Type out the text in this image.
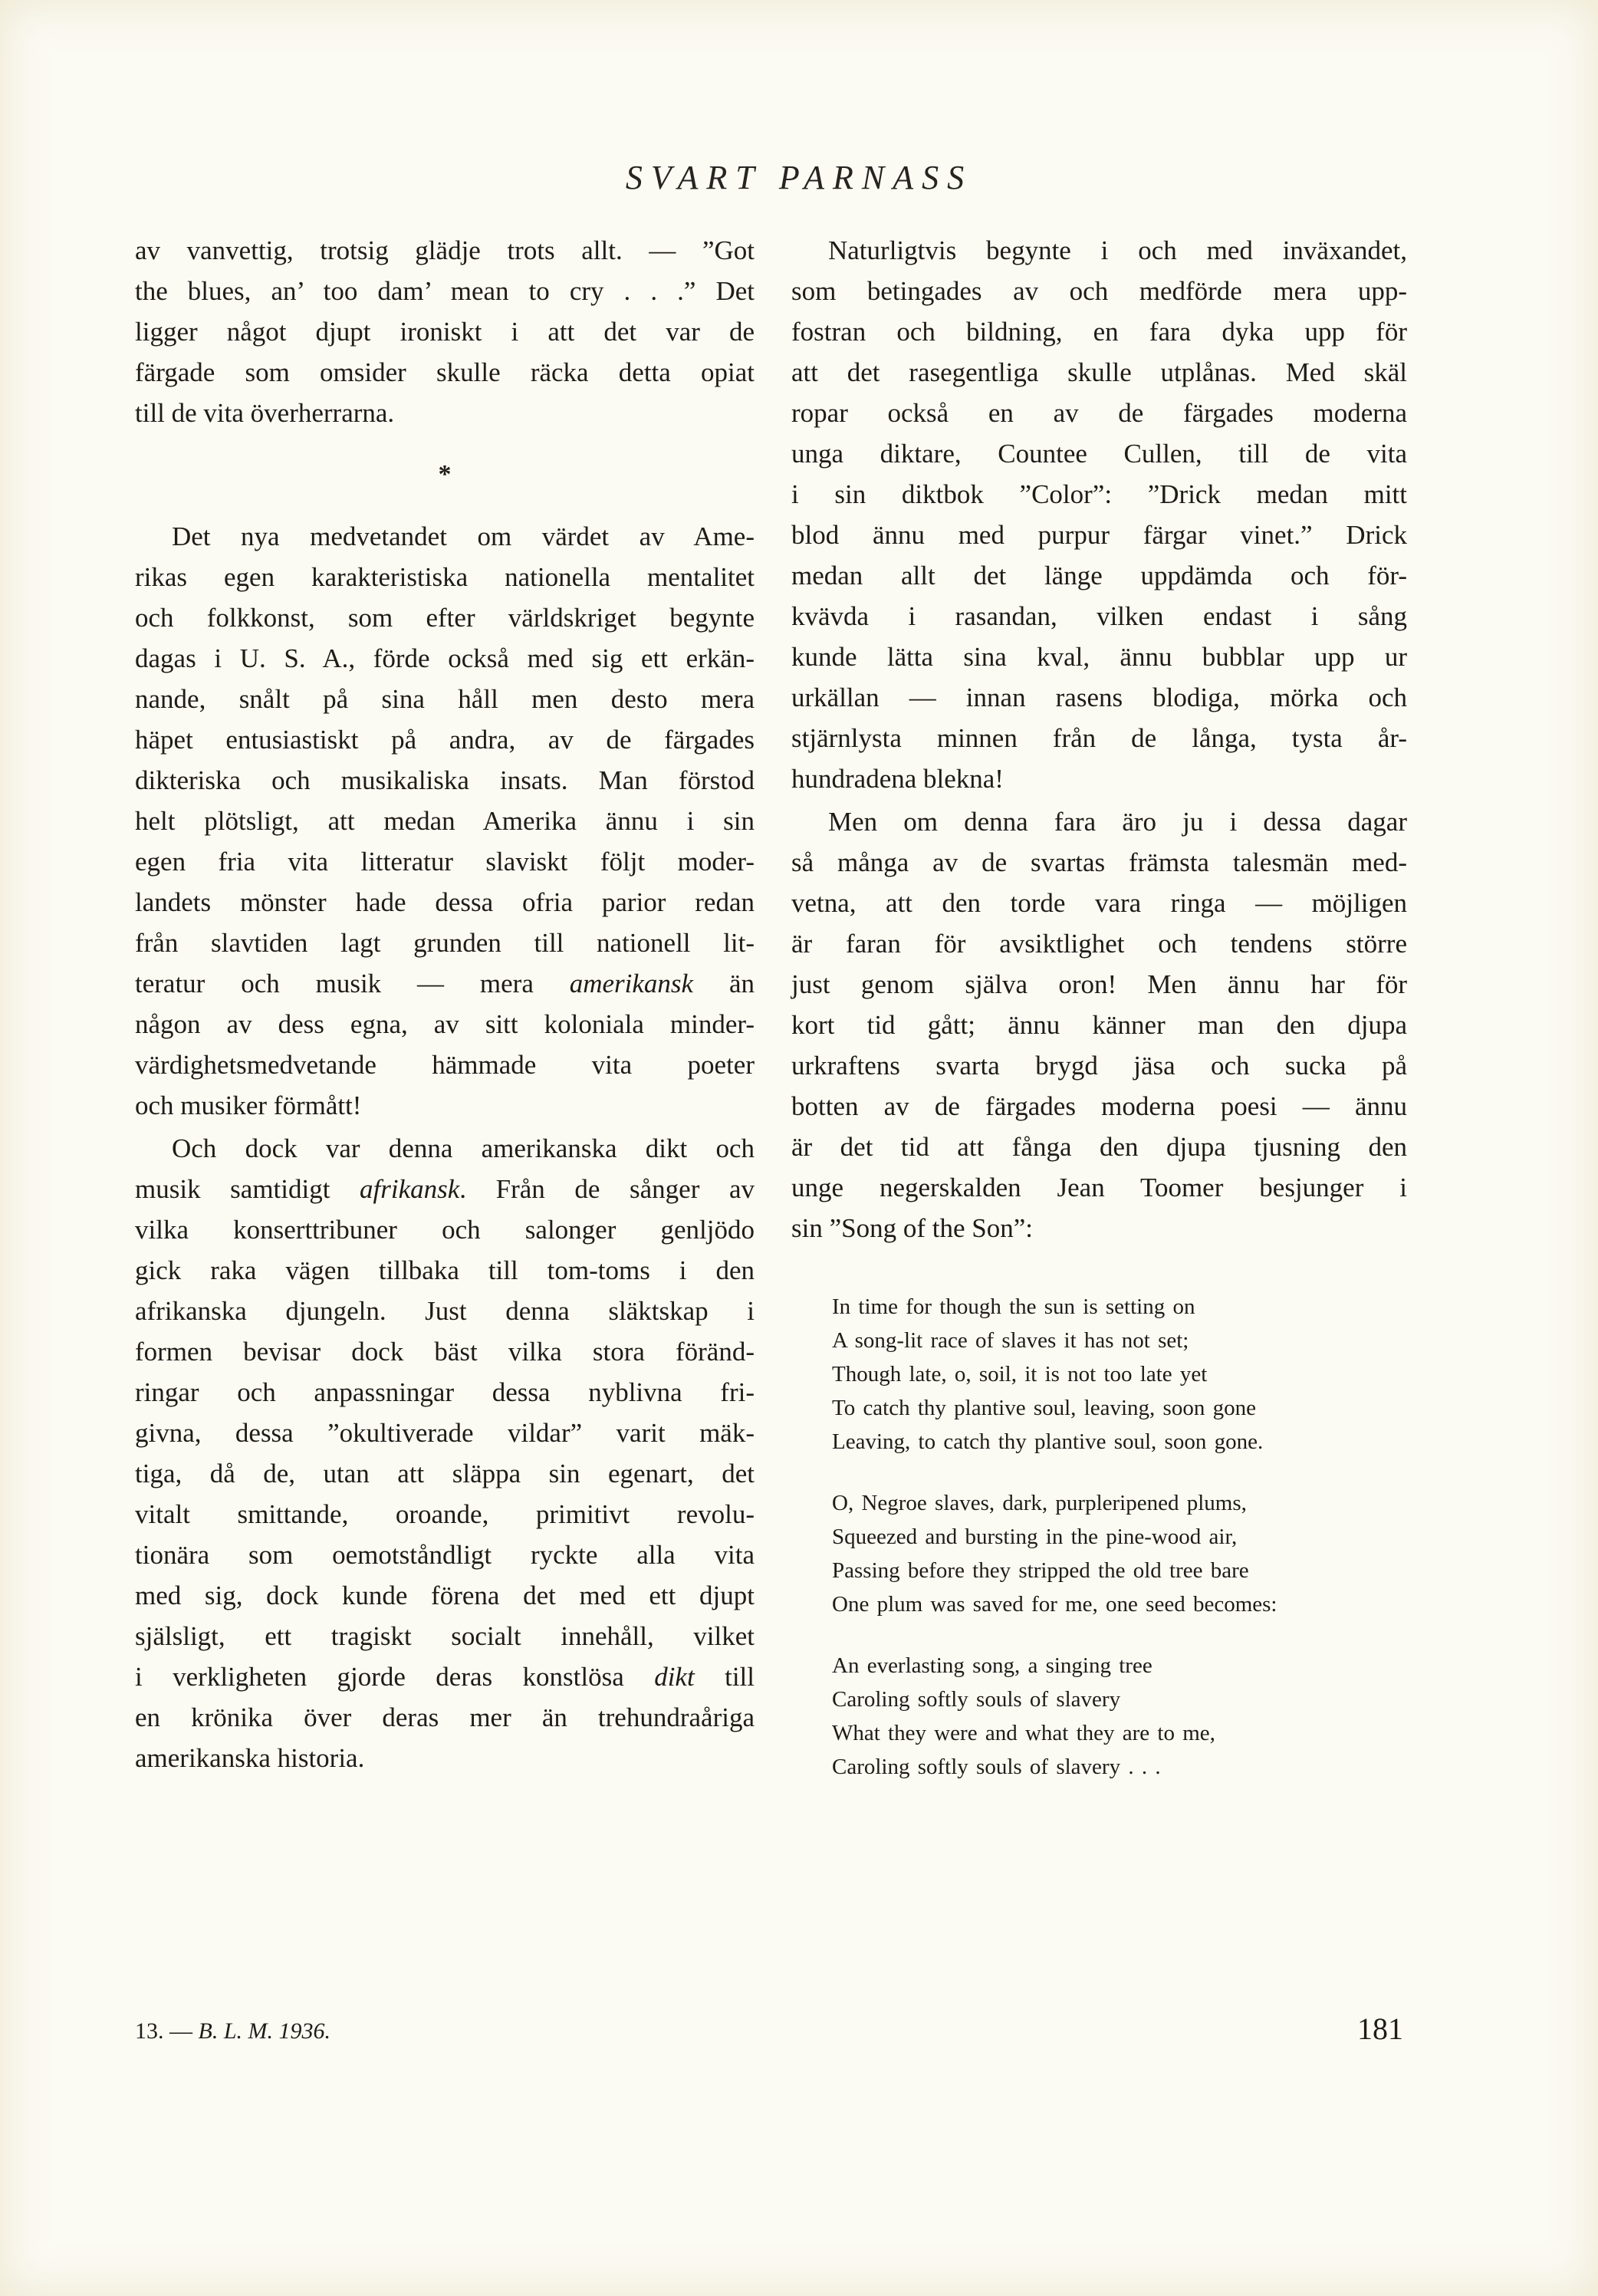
SVART PARNASS
av vanvettig, trotsig glädje trots allt. — ”Got
the blues, an’ too dam’ mean to cry . . .” Det
ligger något djupt ironiskt i att det var de
färgade som omsider skulle räcka detta opiat
till de vita överherrarna.
Det nya medvetandet om värdet av Ame-
rikas egen karakteristiska nationella mentalitet
och folkkonst, som efter världskriget begynte
dagas i U. S. A., förde också med sig ett erkän-
nande, snålt på sina håll men desto mera
häpet entusiastiskt på andra, av de färgades
dikteriska och musikaliska insats. Man förstod
helt plötsligt, att medan Amerika ännu i sin
egen fria vita litteratur slaviskt följt moder-
landets mönster hade dessa ofria parior redan
från slavtiden lagt grunden till nationell lit-
teratur och musik — mera amerikansk än
någon av dess egna, av sitt koloniala minder-
värdighetsmedvetande hämmade vita poeter
och musiker förmått!
Och dock var denna amerikanska dikt och
musik samtidigt afrikansk. Från de sånger av
vilka konserttribuner och salonger genljödo
gick raka vägen tillbaka till tom-toms i den
afrikanska djungeln. Just denna släktskap i
formen bevisar dock bäst vilka stora föränd-
ringar och anpassningar dessa nyblivna fri-
givna, dessa ”okultiverade vildar” varit mäk-
tiga, då de, utan att släppa sin egenart, det
vitalt smittande, oroande, primitivt revolu-
tionära som oemotståndligt ryckte alla vita
med sig, dock kunde förena det med ett djupt
själsligt, ett tragiskt socialt innehåll, vilket
i verkligheten gjorde deras konstlösa dikt till
en krönika över deras mer än trehundraåriga
amerikanska historia.
*
Naturligtvis begynte i och med inväxandet,
som betingades av och medförde mera upp-
fostran och bildning, en fara dyka upp för
att det rasegentliga skulle utplånas. Med skäl
ropar också en av de färgades moderna
unga diktare, Countee Cullen, till de vita
i sin diktbok ”Color”: ”Drick medan mitt
blod ännu med purpur färgar vinet.” Drick
medan allt det länge uppdämda och för-
kvävda i rasandan, vilken endast i sång
kunde lätta sina kval, ännu bubblar upp ur
urkällan — innan rasens blodiga, mörka och
stjärnlysta minnen från de långa, tysta år-
hundradena blekna!
Men om denna fara äro ju i dessa dagar
så många av de svartas främsta talesmän med-
vetna, att den torde vara ringa — möjligen
är faran för avsiktlighet och tendens större
just genom själva oron! Men ännu har för
kort tid gått; ännu känner man den djupa
urkraftens svarta brygd jäsa och sucka på
botten av de färgades moderna poesi — ännu
är det tid att fånga den djupa tjusning den
unge negerskalden Jean Toomer besjunger i
sin ”Song of the Son”:
In time for though the sun is setting on
A song-lit race of slaves it has not set;
Though late, o, soil, it is not too late yet
To catch thy plantive soul, leaving, soon gone
Leaving, to catch thy plantive soul, soon gone.
O, Negroe slaves, dark, purpleripened plums,
Squeezed and bursting in the pine-wood air,
Passing before they stripped the old tree bare
One plum was saved for me, one seed becomes:
An everlasting song, a singing tree
Caroling softly souls of slavery
What they were and what they are to me,
Caroling softly souls of slavery . . .
13. — B. L. M. 1936.	181
